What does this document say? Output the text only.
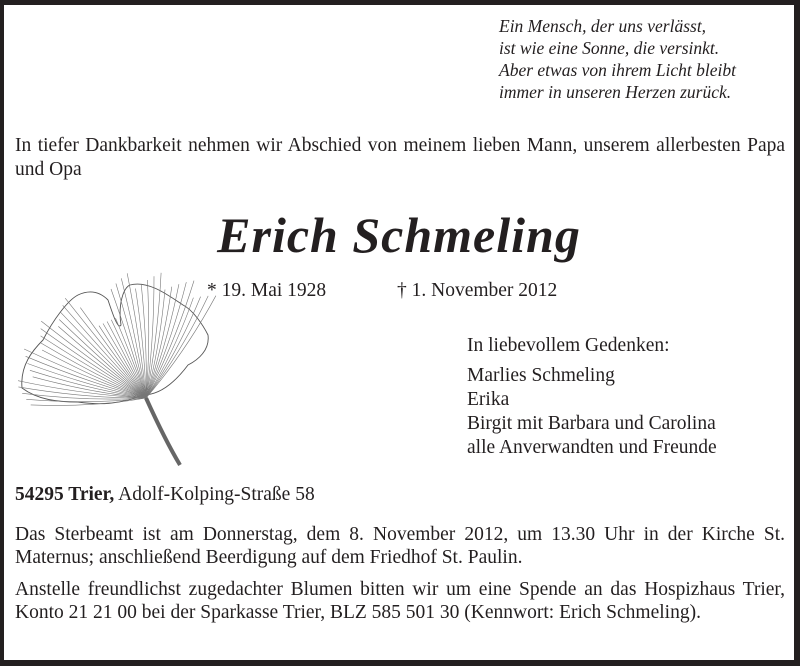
Ein Mensch, der uns verlässt,
ist wie eine Sonne, die versinkt.
Aber etwas von ihrem Licht bleibt
immer in unseren Herzen zurück.
In tiefer Dankbarkeit nehmen wir Abschied von meinem lieben Mann, unserem allerbesten Papa und Opa
Erich Schmeling
* 19. Mai 1928	† 1. November 2012
In liebevollem Gedenken:
Marlies Schmeling
Erika
Birgit mit Barbara und Carolina
alle Anverwandten und Freunde
54295 Trier, Adolf-Kolping-Straße 58
Das Sterbeamt ist am Donnerstag, dem 8. November 2012, um 13.30 Uhr in der Kirche St. Maternus; anschließend Beerdigung auf dem Friedhof St. Paulin.
Anstelle freundlichst zugedachter Blumen bitten wir um eine Spende an das Hospizhaus Trier, Konto 21 21 00 bei der Sparkasse Trier, BLZ 585 501 30 (Kennwort: Erich Schmeling).
